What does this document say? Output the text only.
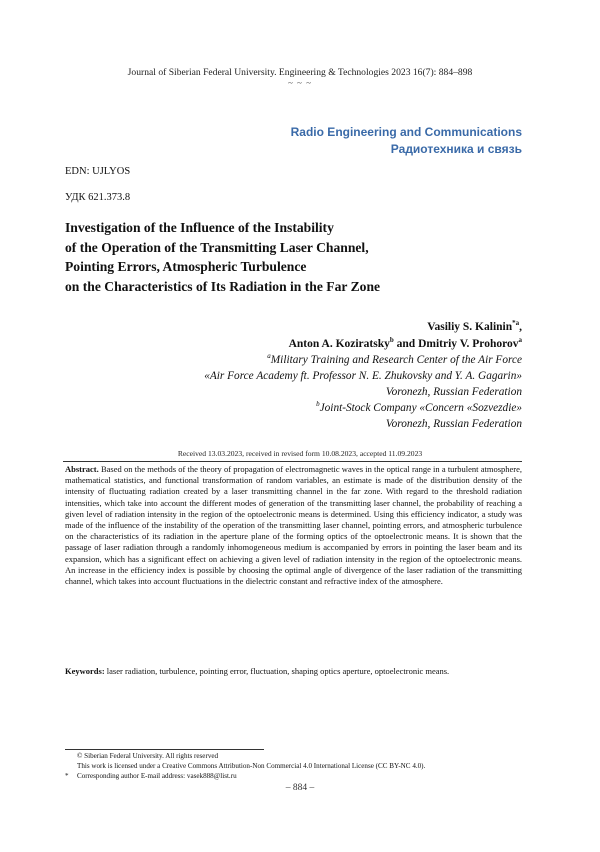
Journal of Siberian Federal University. Engineering & Technologies 2023 16(7): 884–898
~ ~ ~
Radio Engineering and Communications
Радиотехника и связь
EDN: UJLYOS
УДК 621.373.8
Investigation of the Influence of the Instability
of the Operation of the Transmitting Laser Channel,
Pointing Errors, Atmospheric Turbulence
on the Characteristics of Its Radiation in the Far Zone
Vasiliy S. Kalinin$^{*a}$,
Anton A. Koziratsky$^b$ and Dmitriy V. Prohorov$^a$
$^a$Military Training and Research Center of the Air Force
«Air Force Academy ft. Professor N. E. Zhukovsky and Y. A. Gagarin»
Voronezh, Russian Federation
$^b$Joint-Stock Company «Concern «Sozvezdie»
Voronezh, Russian Federation
Received 13.03.2023, received in revised form 10.08.2023, accepted 11.09.2023
Abstract. Based on the methods of the theory of propagation of electromagnetic waves in the optical range in a turbulent atmosphere, mathematical statistics, and functional transformation of random variables, an estimate is made of the distribution density of the intensity of fluctuating radiation created by a laser transmitting channel in the far zone. With regard to the threshold radiation intensities, which take into account the different modes of generation of the transmitting laser channel, the probability of reaching a given level of radiation intensity in the region of the optoelectronic means is determined. Using this efficiency indicator, a study was made of the influence of the instability of the operation of the transmitting laser channel, pointing errors, and atmospheric turbulence on the characteristics of its radiation in the aperture plane of the forming optics of the optoelectronic means. It is shown that the passage of laser radiation through a randomly inhomogeneous medium is accompanied by errors in pointing the laser beam and its expansion, which has a significant effect on achieving a given level of radiation intensity in the region of the optoelectronic means. An increase in the efficiency index is possible by choosing the optimal angle of divergence of the laser radiation of the transmitting channel, which takes into account fluctuations in the dielectric constant and refractive index of the atmosphere.
Keywords: laser radiation, turbulence, pointing error, fluctuation, shaping optics aperture, optoelectronic means.
© Siberian Federal University. All rights reserved
This work is licensed under a Creative Commons Attribution-Non Commercial 4.0 International License (CC BY-NC 4.0).
* Corresponding author E-mail address: vasek888@list.ru
– 884 –
